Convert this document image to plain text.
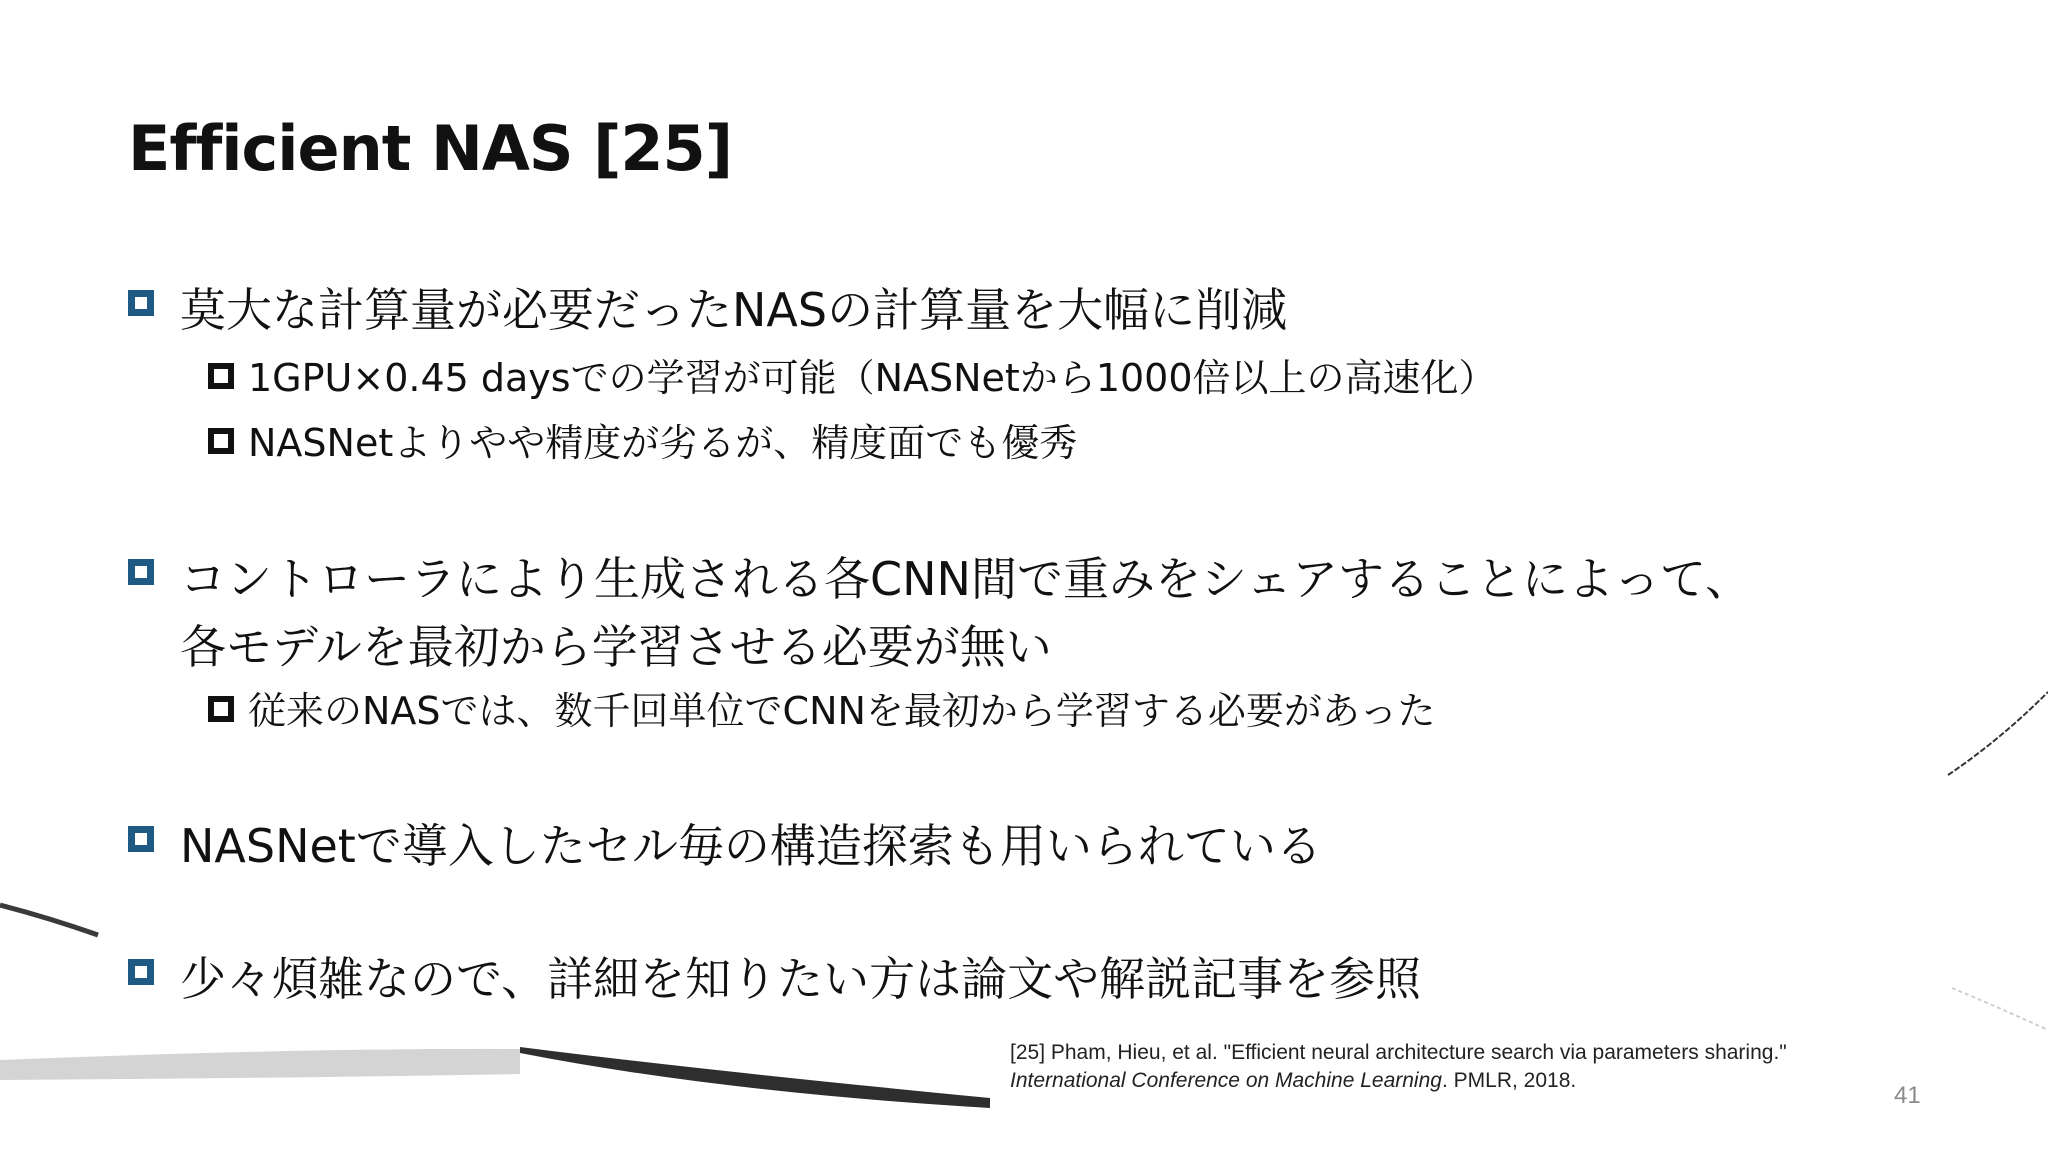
Efficient NAS [25]
莫大な計算量が必要だったNASの計算量を大幅に削減
1GPU×0.45 daysでの学習が可能（NASNetから1000倍以上の高速化）
NASNetよりやや精度が劣るが、精度面でも優秀
コントローラにより生成される各CNN間で重みをシェアすることによって、
各モデルを最初から学習させる必要が無い
従来のNASでは、数千回単位でCNNを最初から学習する必要があった
NASNetで導入したセル毎の構造探索も用いられている
少々煩雑なので、詳細を知りたい方は論文や解説記事を参照
[25] Pham, Hieu, et al. "Efficient neural architecture search via parameters sharing." International Conference on Machine Learning. PMLR, 2018.
41
